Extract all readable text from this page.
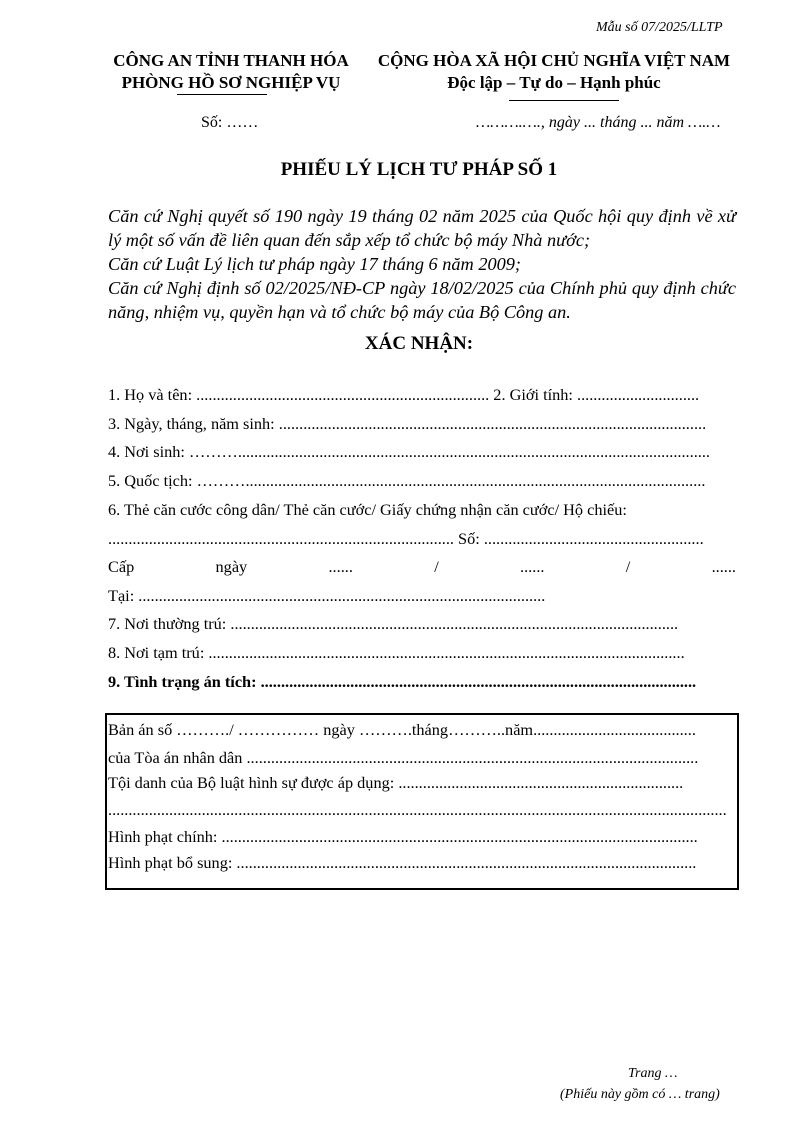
Mẫu số 07/2025/LLTP
CÔNG AN TỈNH THANH HÓA
PHÒNG HỒ SƠ NGHIỆP VỤ
CỘNG HÒA XÃ HỘI CHỦ NGHĨA VIỆT NAM
Độc lập – Tự do – Hạnh phúc
Số: ……	……….…., ngày ... tháng ... năm ….…
PHIẾU LÝ LỊCH TƯ PHÁP SỐ 1

Căn cứ Nghị quyết số 190 ngày 19 tháng 02 năm 2025 của Quốc hội quy định về xử lý một số vấn đề liên quan đến sắp xếp tổ chức bộ máy Nhà nước;

Căn cứ Luật Lý lịch tư pháp ngày 17 tháng 6 năm 2009;

Căn cứ Nghị định số 02/2025/NĐ-CP ngày 18/02/2025 của Chính phủ quy định chức năng, nhiệm vụ, quyền hạn và tổ chức bộ máy của Bộ Công an.

XÁC NHẬN:
1. Họ và tên: ........................................................................ 2. Giới tính: ..............................
3. Ngày, tháng, năm sinh: .........................................................................................................
4. Nơi sinh: ………....................................................................................................................
5. Quốc tịch: ……….................................................................................................................
6. Thẻ căn cước công dân/ Thẻ căn cước/ Giấy chứng nhận căn cước/ Hộ chiếu:
..................................................................................... Số: ......................................................
Cấp	ngày	......	/	......	/	......
Tại: ....................................................................................................
7. Nơi thường trú: ..............................................................................................................
8. Nơi tạm trú: .....................................................................................................................
9. Tình trạng án tích: ...........................................................................................................
Bản án số ………./ …………… ngày ……….tháng………..năm........................................
của Tòa án nhân dân ...............................................................................................................
Tội danh của Bộ luật hình sự được áp dụng: ......................................................................
........................................................................................................................................................
Hình phạt chính: .....................................................................................................................
Hình phạt bổ sung: .................................................................................................................
Trang …
(Phiếu này gồm có … trang)
